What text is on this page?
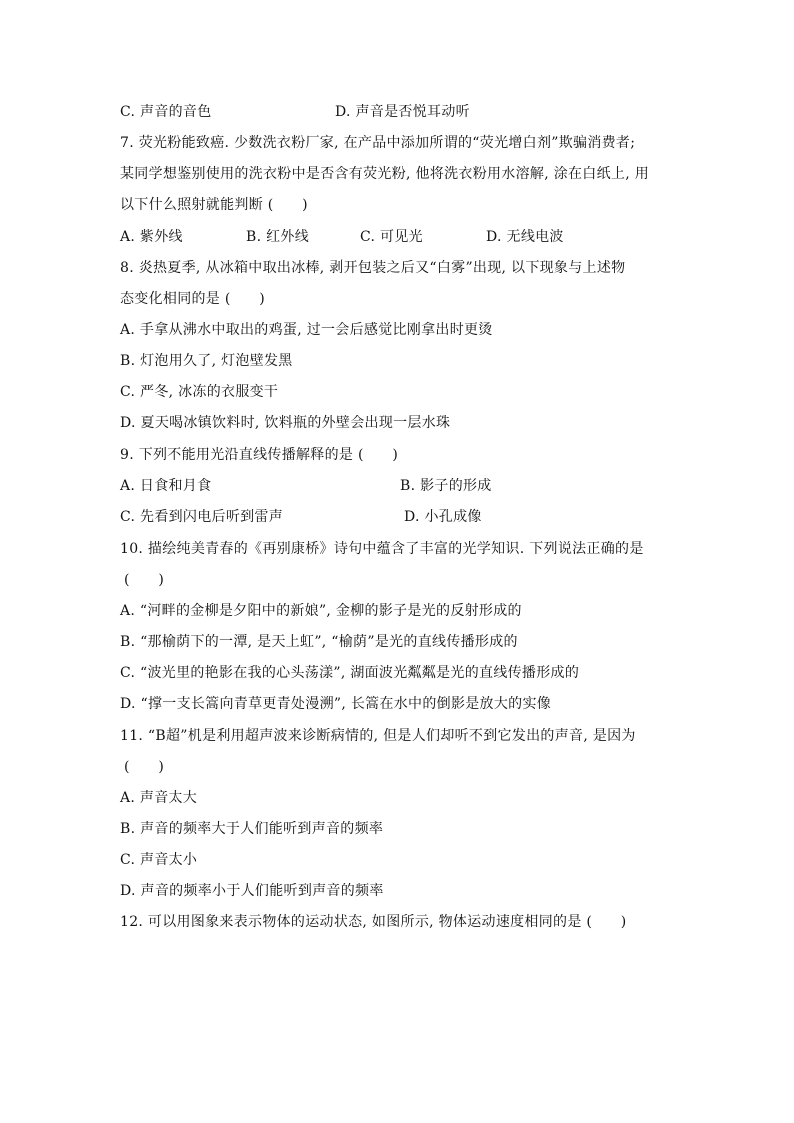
C. 声音的音色	D. 声音是否悦耳动听
7. 荧光粉能致癌. 少数洗衣粉厂家, 在产品中添加所谓的“荧光增白剂”欺骗消费者;
某同学想鉴别使用的洗衣粉中是否含有荧光粉, 他将洗衣粉用水溶解, 涂在白纸上, 用
以下什么照射就能判断 (　　)
A. 紫外线	B. 红外线	C. 可见光	D. 无线电波
8. 炎热夏季, 从冰箱中取出冰棒, 剥开包装之后又“白雾”出现, 以下现象与上述物
态变化相同的是 (　　)
A. 手拿从沸水中取出的鸡蛋, 过一会后感觉比刚拿出时更烫
B. 灯泡用久了, 灯泡壁发黑
C. 严冬, 冰冻的衣服变干
D. 夏天喝冰镇饮料时, 饮料瓶的外壁会出现一层水珠
9. 下列不能用光沿直线传播解释的是 (　　)
A. 日食和月食	B. 影子的形成
C. 先看到闪电后听到雷声	D. 小孔成像
10. 描绘纯美青春的《再别康桥》诗句中蕴含了丰富的光学知识. 下列说法正确的是
(　　)
A. “河畔的金柳是夕阳中的新娘”, 金柳的影子是光的反射形成的
B. “那榆荫下的一潭, 是天上虹”, “榆荫”是光的直线传播形成的
C. “波光里的艳影在我的心头荡漾”, 湖面波光粼粼是光的直线传播形成的
D. “撑一支长篙向青草更青处漫溯”, 长篙在水中的倒影是放大的实像
11. “B超”机是利用超声波来诊断病情的, 但是人们却听不到它发出的声音, 是因为
(　　)
A. 声音太大
B. 声音的频率大于人们能听到声音的频率
C. 声音太小
D. 声音的频率小于人们能听到声音的频率
12. 可以用图象来表示物体的运动状态, 如图所示, 物体运动速度相同的是 (　　)
